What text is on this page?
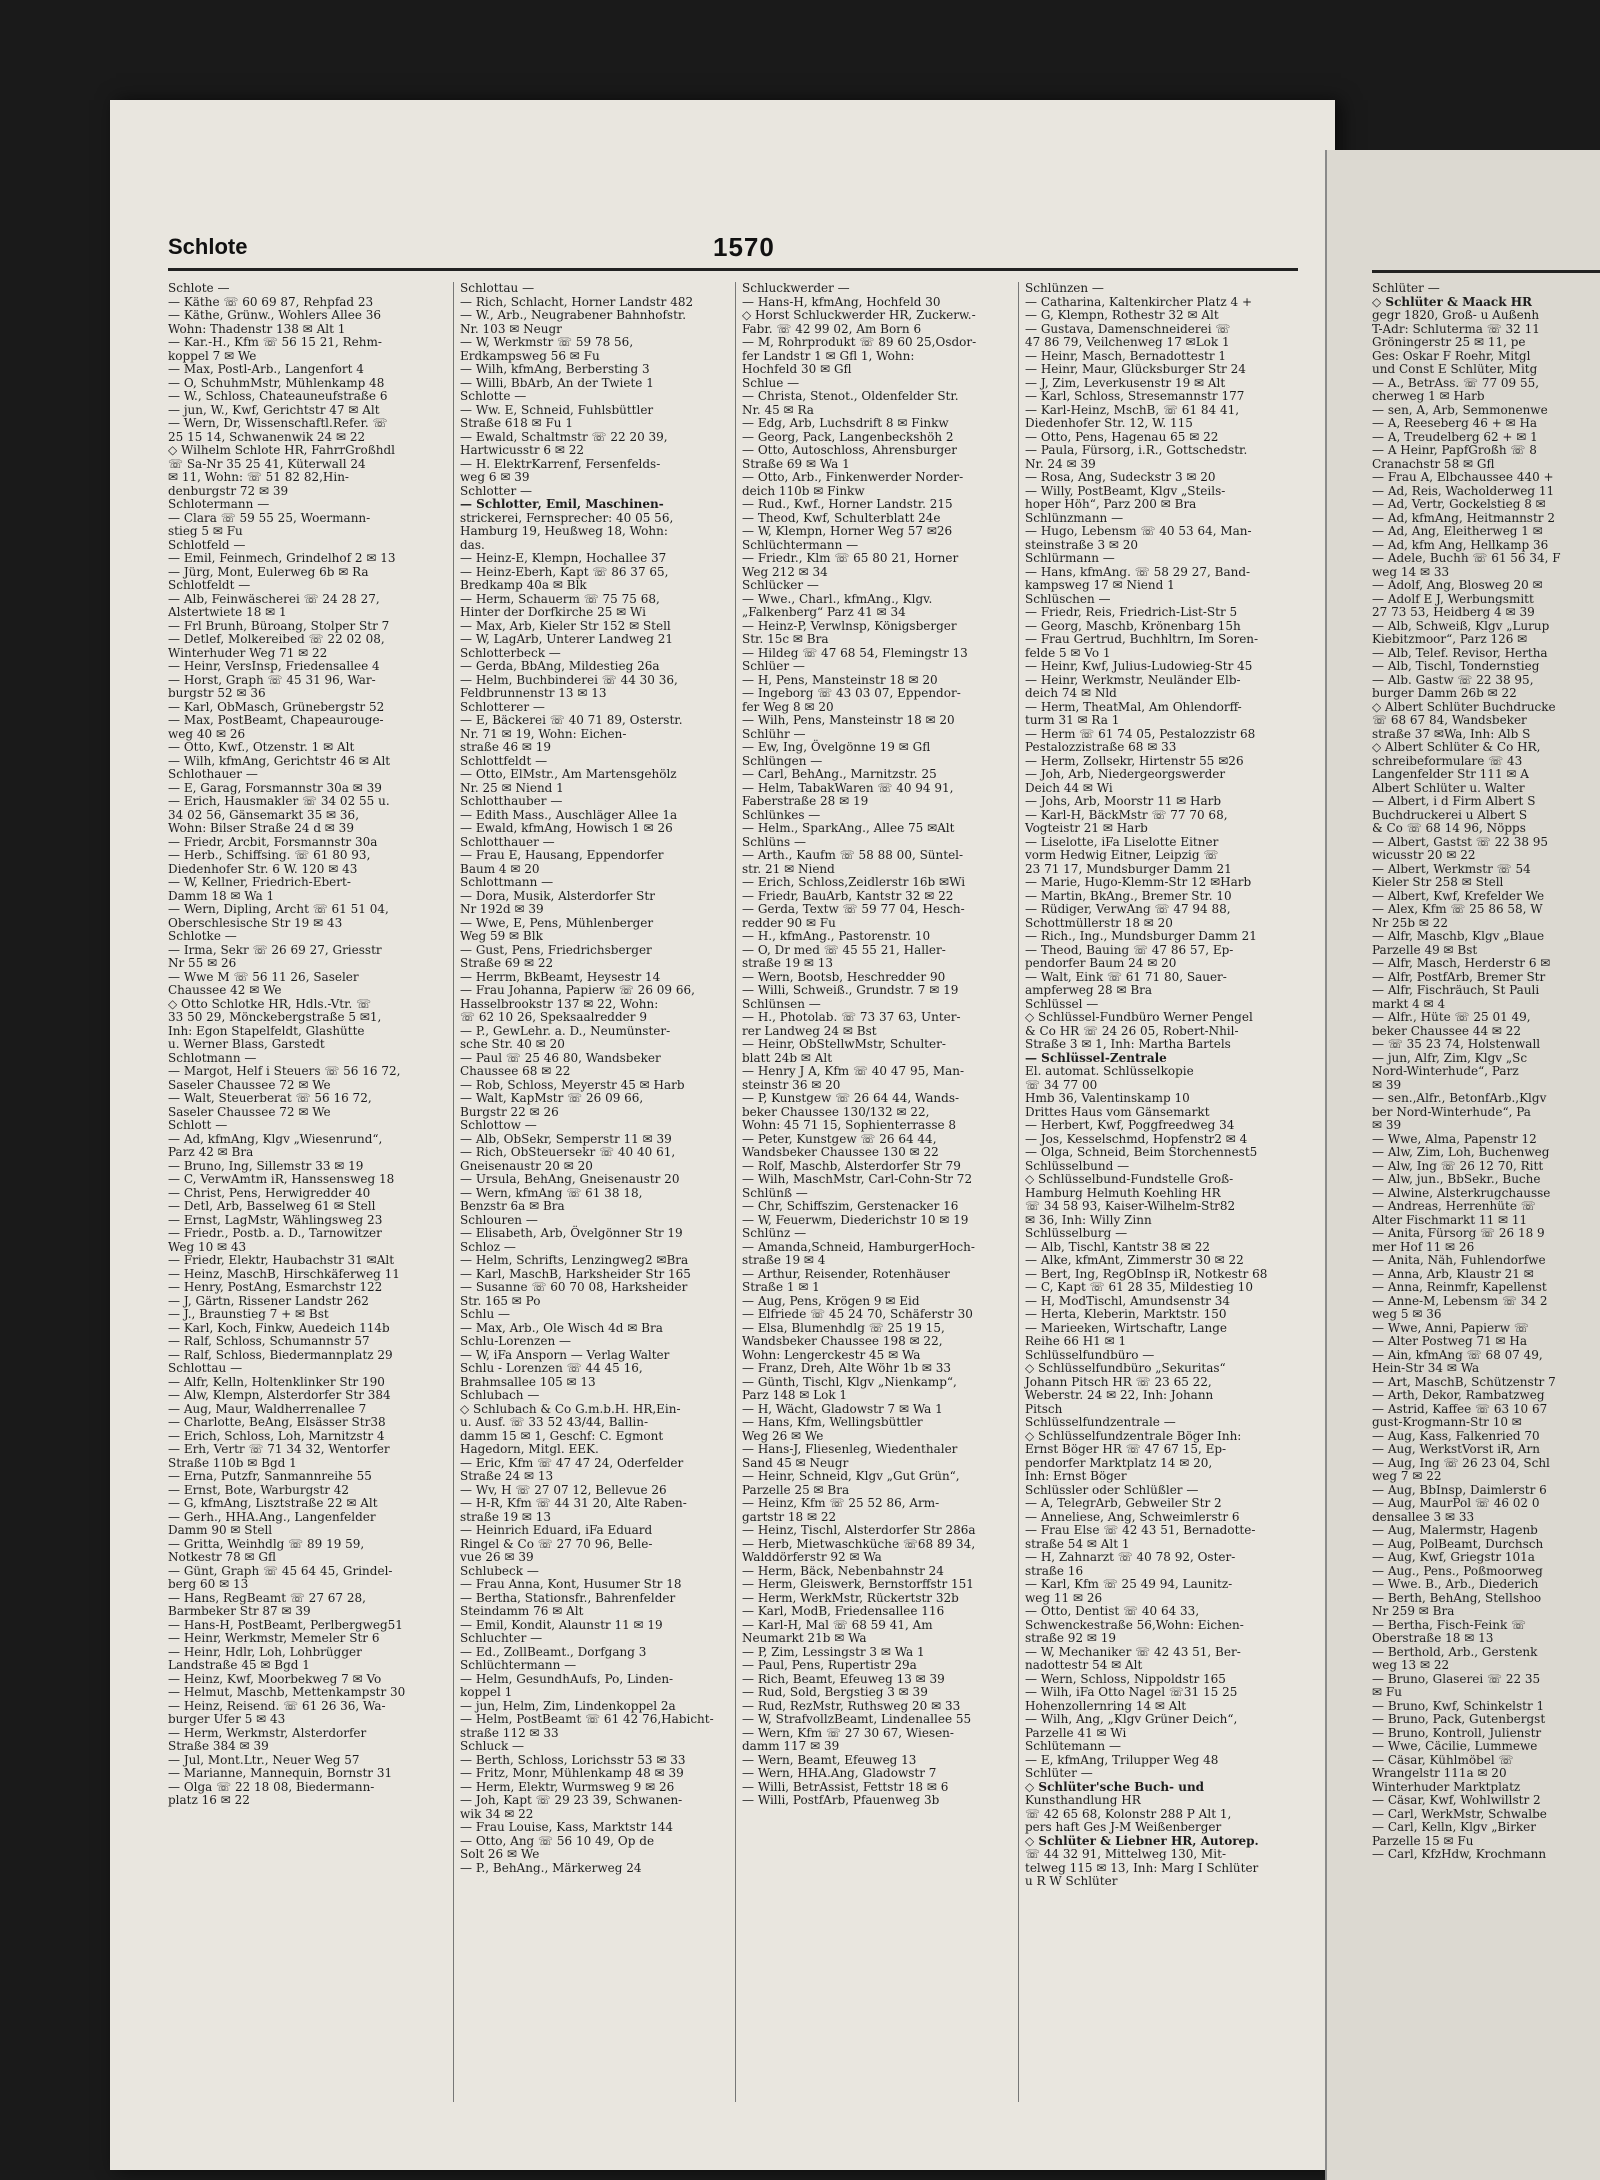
Schlote	1570
Schlote —
— Käthe ☏ 60 69 87, Rehpfad 23
— Käthe, Grünw., Wohlers Allee 36
Wohn: Thadenstr 138 ✉ Alt 1
— Kar.-H., Kfm ☏ 56 15 21, Rehm-
koppel 7 ✉ We
— Max, Postl-Arb., Langenfort 4
— O, SchuhmMstr, Mühlenkamp 48
— W., Schloss, Chateauneufstraße 6
— jun, W., Kwf, Gerichtstr 47 ✉ Alt
— Wern, Dr, Wissenschaftl.Refer. ☏
25 15 14, Schwanenwik 24 ✉ 22
◇ Wilhelm Schlote HR, FahrrGroßhdl
☏ Sa-Nr 35 25 41, Küterwall 24
✉ 11, Wohn: ☏ 51 82 82,Hin-
denburgstr 72 ✉ 39
Schlotermann —
— Clara ☏ 59 55 25, Woermann-
stieg 5 ✉ Fu
Schlotfeld —
— Emil, Feinmech, Grindelhof 2 ✉ 13
— Jürg, Mont, Eulerweg 6b ✉ Ra
Schlotfeldt —
— Alb, Feinwäscherei ☏ 24 28 27,
Alstertwiete 18 ✉ 1
— Frl Brunh, Büroang, Stolper Str 7
— Detlef, Molkereibed ☏ 22 02 08,
Winterhuder Weg 71 ✉ 22
— Heinr, VersInsp, Friedensallee 4
— Horst, Graph ☏ 45 31 96, War-
burgstr 52 ✉ 36
— Karl, ObMasch, Grünebergstr 52
— Max, PostBeamt, Chapeaurouge-
weg 40 ✉ 26
— Otto, Kwf., Otzenstr. 1 ✉ Alt
— Wilh, kfmAng, Gerichtstr 46 ✉ Alt
Schlothauer —
— E, Garag, Forsmannstr 30a ✉ 39
— Erich, Hausmakler ☏ 34 02 55 u.
34 02 56, Gänsemarkt 35 ✉ 36,
Wohn: Bilser Straße 24 d ✉ 39
— Friedr, Arcbit, Forsmannstr 30a
— Herb., Schiffsing. ☏ 61 80 93,
Diedenhofer Str. 6 W. 120 ✉ 43
— W, Kellner, Friedrich-Ebert-
Damm 18 ✉ Wa 1
— Wern, Dipling, Archt ☏ 61 51 04,
Oberschlesische Str 19 ✉ 43
Schlotke —
— Irma, Sekr ☏ 26 69 27, Griesstr
Nr 55 ✉ 26
— Wwe M ☏ 56 11 26, Saseler
Chaussee 42 ✉ We
◇ Otto Schlotke HR, Hdls.-Vtr. ☏
33 50 29, Mönckebergstraße 5 ✉1,
Inh: Egon Stapelfeldt, Glashütte
u. Werner Blass, Garstedt
Schlotmann —
— Margot, Helf i Steuers ☏ 56 16 72,
Saseler Chaussee 72 ✉ We
— Walt, Steuerberat ☏ 56 16 72,
Saseler Chaussee 72 ✉ We
Schlott —
— Ad, kfmAng, Klgv „Wiesenrund“,
Parz 42 ✉ Bra
— Bruno, Ing, Sillemstr 33 ✉ 19
— C, VerwAmtm iR, Hanssensweg 18
— Christ, Pens, Herwigredder 40
— Detl, Arb, Basselweg 61 ✉ Stell
— Ernst, LagMstr, Wählingsweg 23
— Friedr., Postb. a. D., Tarnowitzer
Weg 10 ✉ 43
— Friedr, Elektr, Haubachstr 31 ✉Alt
— Heinz, MaschB, Hirschkäferweg 11
— Henry, PostAng, Esmarchstr 122
— J, Gärtn, Rissener Landstr 262
— J., Braunstieg 7 + ✉ Bst
— Karl, Koch, Finkw, Auedeich 114b
— Ralf, Schloss, Schumannstr 57
— Ralf, Schloss, Biedermannplatz 29
Schlottau —
— Alfr, Kelln, Holtenklinker Str 190
— Alw, Klempn, Alsterdorfer Str 384
— Aug, Maur, Waldherrenallee 7
— Charlotte, BeAng, Elsässer Str38
— Erich, Schloss, Loh, Marnitzstr 4
— Erh, Vertr ☏ 71 34 32, Wentorfer
Straße 110b ✉ Bgd 1
— Erna, Putzfr, Sanmannreihe 55
— Ernst, Bote, Warburgstr 42
— G, kfmAng, Lisztstraße 22 ✉ Alt
— Gerh., HHA.Ang., Langenfelder
Damm 90 ✉ Stell
— Gritta, Weinhdlg ☏ 89 19 59,
Notkestr 78 ✉ Gfl
— Günt, Graph ☏ 45 64 45, Grindel-
berg 60 ✉ 13
— Hans, RegBeamt ☏ 27 67 28,
Barmbeker Str 87 ✉ 39
— Hans-H, PostBeamt, Perlbergweg51
— Heinr, Werkmstr, Memeler Str 6
— Heinr, Hdlr, Loh, Lohbrügger
Landstraße 45 ✉ Bgd 1
— Heinz, Kwf, Moorbekweg 7 ✉ Vo
— Helmut, Maschb, Mettenkampstr 30
— Heinz, Reisend. ☏ 61 26 36, Wa-
burger Ufer 5 ✉ 43
— Herm, Werkmstr, Alsterdorfer
Straße 384 ✉ 39
— Jul, Mont.Ltr., Neuer Weg 57
— Marianne, Mannequin, Bornstr 31
— Olga ☏ 22 18 08, Biedermann-
platz 16 ✉ 22
Schlottau —
— Rich, Schlacht, Horner Landstr 482
— W., Arb., Neugrabener Bahnhofstr.
Nr. 103 ✉ Neugr
— W, Werkmstr ☏ 59 78 56,
Erdkampsweg 56 ✉ Fu
— Wilh, kfmAng, Berbersting 3
— Willi, BbArb, An der Twiete 1
Schlotte —
— Ww. E, Schneid, Fuhlsbüttler
Straße 618 ✉ Fu 1
— Ewald, Schaltmstr ☏ 22 20 39,
Hartwicusstr 6 ✉ 22
— H. ElektrKarrenf, Fersenfelds-
weg 6 ✉ 39
Schlotter —
— Schlotter, Emil, Maschinen-
strickerei, Fernsprecher: 40 05 56,
Hamburg 19, Heußweg 18, Wohn:
das.
— Heinz-E, Klempn, Hochallee 37
— Heinz-Eberh, Kapt ☏ 86 37 65,
Bredkamp 40a ✉ Blk
— Herm, Schauerm ☏ 75 75 68,
Hinter der Dorfkirche 25 ✉ Wi
— Max, Arb, Kieler Str 152 ✉ Stell
— W, LagArb, Unterer Landweg 21
Schlotterbeck —
— Gerda, BbAng, Mildestieg 26a
— Helm, Buchbinderei ☏ 44 30 36,
Feldbrunnenstr 13 ✉ 13
Schlotterer —
— E, Bäckerei ☏ 40 71 89, Osterstr.
Nr. 71 ✉ 19, Wohn: Eichen-
straße 46 ✉ 19
Schlottfeldt —
— Otto, ElMstr., Am Martensgehölz
Nr. 25 ✉ Niend 1
Schlotthauber —
— Edith Mass., Auschläger Allee 1a
— Ewald, kfmAng, Howisch 1 ✉ 26
Schlotthauer —
— Frau E, Hausang, Eppendorfer
Baum 4 ✉ 20
Schlottmann —
— Dora, Musik, Alsterdorfer Str
Nr 192d ✉ 39
— Wwe, E, Pens, Mühlenberger
Weg 59 ✉ Blk
— Gust, Pens, Friedrichsberger
Straße 69 ✉ 22
— Herrm, BkBeamt, Heysestr 14
— Frau Johanna, Papierw ☏ 26 09 66,
Hasselbrookstr 137 ✉ 22, Wohn:
☏ 62 10 26, Speksaalredder 9
— P., GewLehr. a. D., Neumünster-
sche Str. 40 ✉ 20
— Paul ☏ 25 46 80, Wandsbeker
Chaussee 68 ✉ 22
— Rob, Schloss, Meyerstr 45 ✉ Harb
— Walt, KapMstr ☏ 26 09 66,
Burgstr 22 ✉ 26
Schlottow —
— Alb, ObSekr, Semperstr 11 ✉ 39
— Rich, ObSteuersekr ☏ 40 40 61,
Gneisenaustr 20 ✉ 20
— Ursula, BehAng, Gneisenaustr 20
— Wern, kfmAng ☏ 61 38 18,
Benzstr 6a ✉ Bra
Schlouren —
— Elisabeth, Arb, Övelgönner Str 19
Schloz —
— Helm, Schrifts, Lenzingweg2 ✉Bra
— Karl, MaschB, Harksheider Str 165
— Susanne ☏ 60 70 08, Harksheider
Str. 165 ✉ Po
Schlu —
— Max, Arb., Ole Wisch 4d ✉ Bra
Schlu-Lorenzen —
— W, iFa Ansporn — Verlag Walter
Schlu - Lorenzen ☏ 44 45 16,
Brahmsallee 105 ✉ 13
Schlubach —
◇ Schlubach & Co G.m.b.H. HR,Ein-
u. Ausf. ☏ 33 52 43/44, Ballin-
damm 15 ✉ 1, Geschf: C. Egmont
Hagedorn, Mitgl. EEK.
— Eric, Kfm ☏ 47 47 24, Oderfelder
Straße 24 ✉ 13
— Wv, H ☏ 27 07 12, Bellevue 26
— H-R, Kfm ☏ 44 31 20, Alte Raben-
straße 19 ✉ 13
— Heinrich Eduard, iFa Eduard
Ringel & Co ☏ 27 70 96, Belle-
vue 26 ✉ 39
Schlubeck —
— Frau Anna, Kont, Husumer Str 18
— Bertha, Stationsfr., Bahrenfelder
Steindamm 76 ✉ Alt
— Emil, Kondit, Alaunstr 11 ✉ 19
Schluchter —
— Ed., ZollBeamt., Dorfgang 3
Schlüchtermann —
— Helm, GesundhAufs, Po, Linden-
koppel 1
— jun, Helm, Zim, Lindenkoppel 2a
— Helm, PostBeamt ☏ 61 42 76,Habicht-
straße 112 ✉ 33
Schluck —
— Berth, Schloss, Lorichsstr 53 ✉ 33
— Fritz, Monr, Mühlenkamp 48 ✉ 39
— Herm, Elektr, Wurmsweg 9 ✉ 26
— Joh, Kapt ☏ 29 23 39, Schwanen-
wik 34 ✉ 22
— Frau Louise, Kass, Marktstr 144
— Otto, Ang ☏ 56 10 49, Op de
Solt 26 ✉ We
— P., BehAng., Märkerweg 24
Schluckwerder —
— Hans-H, kfmAng, Hochfeld 30
◇ Horst Schluckwerder HR, Zuckerw.-
Fabr. ☏ 42 99 02, Am Born 6
— M, Rohrprodukt ☏ 89 60 25,Osdor-
fer Landstr 1 ✉ Gfl 1, Wohn:
Hochfeld 30 ✉ Gfl
Schlue —
— Christa, Stenot., Oldenfelder Str.
Nr. 45 ✉ Ra
— Edg, Arb, Luchsdrift 8 ✉ Finkw
— Georg, Pack, Langenbeckshöh 2
— Otto, Autoschloss, Ahrensburger
Straße 69 ✉ Wa 1
— Otto, Arb., Finkenwerder Norder-
deich 110b ✉ Finkw
— Rud., Kwf., Horner Landstr. 215
— Theod, Kwf, Schulterblatt 24e
— W, Klempn, Horner Weg 57 ✉26
Schlüchtermann —
— Friedr., Klm ☏ 65 80 21, Horner
Weg 212 ✉ 34
Schlücker —
— Wwe., Charl., kfmAng., Klgv.
„Falkenberg“ Parz 41 ✉ 34
— Heinz-P, Verwlnsp, Königsberger
Str. 15c ✉ Bra
— Hildeg ☏ 47 68 54, Flemingstr 13
Schlüer —
— H, Pens, Mansteinstr 18 ✉ 20
— Ingeborg ☏ 43 03 07, Eppendor-
fer Weg 8 ✉ 20
— Wilh, Pens, Mansteinstr 18 ✉ 20
Schlühr —
— Ew, Ing, Övelgönne 19 ✉ Gfl
Schlüngen —
— Carl, BehAng., Marnitzstr. 25
— Helm, TabakWaren ☏ 40 94 91,
Faberstraße 28 ✉ 19
Schlünkes —
— Helm., SparkAng., Allee 75 ✉Alt
Schlüns —
— Arth., Kaufm ☏ 58 88 00, Süntel-
str. 21 ✉ Niend
— Erich, Schloss,Zeidlerstr 16b ✉Wi
— Friedr, BauArb, Kantstr 32 ✉ 22
— Gerda, Textw ☏ 59 77 04, Hesch-
redder 90 ✉ Fu
— H., kfmAng., Pastorenstr. 10
— O, Dr med ☏ 45 55 21, Haller-
straße 19 ✉ 13
— Wern, Bootsb, Heschredder 90
— Willi, Schweiß., Grundstr. 7 ✉ 19
Schlünsen —
— H., Photolab. ☏ 73 37 63, Unter-
rer Landweg 24 ✉ Bst
— Heinr, ObStellwMstr, Schulter-
blatt 24b ✉ Alt
— Henry J A, Kfm ☏ 40 47 95, Man-
steinstr 36 ✉ 20
— P, Kunstgew ☏ 26 64 44, Wands-
beker Chaussee 130/132 ✉ 22,
Wohn: 45 71 15, Sophienterrasse 8
— Peter, Kunstgew ☏ 26 64 44,
Wandsbeker Chaussee 130 ✉ 22
— Rolf, Maschb, Alsterdorfer Str 79
— Wilh, MaschMstr, Carl-Cohn-Str 72
Schlünß —
— Chr, Schiffszim, Gerstenacker 16
— W, Feuerwm, Diederichstr 10 ✉ 19
Schlünz —
— Amanda,Schneid, HamburgerHoch-
straße 19 ✉ 4
— Arthur, Reisender, Rotenhäuser
Straße 1 ✉ 1
— Aug, Pens, Krögen 9 ✉ Eid
— Elfriede ☏ 45 24 70, Schäferstr 30
— Elsa, Blumenhdlg ☏ 25 19 15,
Wandsbeker Chaussee 198 ✉ 22,
Wohn: Lengerckestr 45 ✉ Wa
— Franz, Dreh, Alte Wöhr 1b ✉ 33
— Günth, Tischl, Klgv „Nienkamp“,
Parz 148 ✉ Lok 1
— H, Wächt, Gladowstr 7 ✉ Wa 1
— Hans, Kfm, Wellingsbüttler
Weg 26 ✉ We
— Hans-J, Fliesenleg, Wiedenthaler
Sand 45 ✉ Neugr
— Heinr, Schneid, Klgv „Gut Grün“,
Parzelle 25 ✉ Bra
— Heinz, Kfm ☏ 25 52 86, Arm-
gartstr 18 ✉ 22
— Heinz, Tischl, Alsterdorfer Str 286a
— Herb, Mietwaschküche ☏68 89 34,
Walddörferstr 92 ✉ Wa
— Herm, Bäck, Nebenbahnstr 24
— Herm, Gleiswerk, Bernstorffstr 151
— Herm, WerkMstr, Rückertstr 32b
— Karl, ModB, Friedensallee 116
— Karl-H, Mal ☏ 68 59 41, Am
Neumarkt 21b ✉ Wa
— P, Zim, Lessingstr 3 ✉ Wa 1
— Paul, Pens, Rupertistr 29a
— Rich, Beamt, Efeuweg 13 ✉ 39
— Rud, Sold, Bergstieg 3 ✉ 39
— Rud, RezMstr, Ruthsweg 20 ✉ 33
— W, StrafvollzBeamt, Lindenallee 55
— Wern, Kfm ☏ 27 30 67, Wiesen-
damm 117 ✉ 39
— Wern, Beamt, Efeuweg 13
— Wern, HHA.Ang, Gladowstr 7
— Willi, BetrAssist, Fettstr 18 ✉ 6
— Willi, PostfArb, Pfauenweg 3b
Schlünzen —
— Catharina, Kaltenkircher Platz 4 +
— G, Klempn, Rothestr 32 ✉ Alt
— Gustava, Damenschneiderei ☏
47 86 79, Veilchenweg 17 ✉Lok 1
— Heinr, Masch, Bernadottestr 1
— Heinr, Maur, Glücksburger Str 24
— J, Zim, Leverkusenstr 19 ✉ Alt
— Karl, Schloss, Stresemannstr 177
— Karl-Heinz, MschB, ☏ 61 84 41,
Diedenhofer Str. 12, W. 115
— Otto, Pens, Hagenau 65 ✉ 22
— Paula, Fürsorg, i.R., Gottschedstr.
Nr. 24 ✉ 39
— Rosa, Ang, Sudeckstr 3 ✉ 20
— Willy, PostBeamt, Klgv „Steils-
hoper Höh“, Parz 200 ✉ Bra
Schlünzmann —
— Hugo, Lebensm ☏ 40 53 64, Man-
steinstraße 3 ✉ 20
Schlürmann —
— Hans, kfmAng. ☏ 58 29 27, Band-
kampsweg 17 ✉ Niend 1
Schlüschen —
— Friedr, Reis, Friedrich-List-Str 5
— Georg, Maschb, Krönenbarg 15h
— Frau Gertrud, Buchhltrn, Im Soren-
felde 5 ✉ Vo 1
— Heinr, Kwf, Julius-Ludowieg-Str 45
— Heinr, Werkmstr, Neuländer Elb-
deich 74 ✉ Nld
— Herm, TheatMal, Am Ohlendorff-
turm 31 ✉ Ra 1
— Herm ☏ 61 74 05, Pestalozzistr 68
Pestalozzistraße 68 ✉ 33
— Herm, Zollsekr, Hirtenstr 55 ✉26
— Joh, Arb, Niedergeorgswerder
Deich 44 ✉ Wi
— Johs, Arb, Moorstr 11 ✉ Harb
— Karl-H, BäckMstr ☏ 77 70 68,
Vogteistr 21 ✉ Harb
— Liselotte, iFa Liselotte Eitner
vorm Hedwig Eitner, Leipzig ☏
23 71 17, Mundsburger Damm 21
— Marie, Hugo-Klemm-Str 12 ✉Harb
— Martin, BkAng., Bremer Str. 10
— Rüdiger, VerwAng ☏ 47 94 88,
Schottmüllerstr 18 ✉ 20
— Rich., Ing., Mundsburger Damm 21
— Theod, Bauing ☏ 47 86 57, Ep-
pendorfer Baum 24 ✉ 20
— Walt, Eink ☏ 61 71 80, Sauer-
ampferweg 28 ✉ Bra
Schlüssel —
◇ Schlüssel-Fundbüro Werner Pengel
& Co HR ☏ 24 26 05, Robert-Nhil-
Straße 3 ✉ 1, Inh: Martha Bartels
— Schlüssel-Zentrale
El. automat. Schlüsselkopie
☏ 34 77 00
Hmb 36, Valentinskamp 10
Drittes Haus vom Gänsemarkt
— Herbert, Kwf, Poggfreedweg 34
— Jos, Kesselschmd, Hopfenstr2 ✉ 4
— Olga, Schneid, Beim Storchennest5
Schlüsselbund —
◇ Schlüsselbund-Fundstelle Groß-
Hamburg Helmuth Koehling HR
☏ 34 58 93, Kaiser-Wilhelm-Str82
✉ 36, Inh: Willy Zinn
Schlüsselburg —
— Alb, Tischl, Kantstr 38 ✉ 22
— Alke, kfmAnt, Zimmerstr 30 ✉ 22
— Bert, Ing, RegObInsp iR, Notkestr 68
— C, Kapt ☏ 61 28 35, Mildestieg 10
— H, ModTischl, Amundsenstr 34
— Herta, Kleberin, Marktstr. 150
— Marieeken, Wirtschaftr, Lange
Reihe 66 H1 ✉ 1
Schlüsselfundbüro —
◇ Schlüsselfundbüro „Sekuritas“
Johann Pitsch HR ☏ 23 65 22,
Weberstr. 24 ✉ 22, Inh: Johann
Pitsch
Schlüsselfundzentrale —
◇ Schlüsselfundzentrale Böger Inh:
Ernst Böger HR ☏ 47 67 15, Ep-
pendorfer Marktplatz 14 ✉ 20,
Inh: Ernst Böger
Schlüssler oder Schlüßler —
— A, TelegrArb, Gebweiler Str 2
— Anneliese, Ang, Schweimlerstr 6
— Frau Else ☏ 42 43 51, Bernadotte-
straße 54 ✉ Alt 1
— H, Zahnarzt ☏ 40 78 92, Oster-
straße 16
— Karl, Kfm ☏ 25 49 94, Launitz-
weg 11 ✉ 26
— Otto, Dentist ☏ 40 64 33,
Schwenckestraße 56,Wohn: Eichen-
straße 92 ✉ 19
— W, Mechaniker ☏ 42 43 51, Ber-
nadottestr 54 ✉ Alt
— Wern, Schloss, Nippoldstr 165
— Wilh, iFa Otto Nagel ☏31 15 25
Hohenzollernring 14 ✉ Alt
— Wilh, Ang, „Klgv Grüner Deich“,
Parzelle 41 ✉ Wi
Schlütemann —
— E, kfmAng, Trilupper Weg 48
Schlüter —
◇ Schlüter'sche Buch- und
Kunsthandlung HR
☏ 42 65 68, Kolonstr 288 P Alt 1,
pers haft Ges J-M Weißenberger
◇ Schlüter & Liebner HR, Autorep.
☏ 44 32 91, Mittelweg 130, Mit-
telweg 115 ✉ 13, Inh: Marg I Schlüter
u R W Schlüter
Schlüter —
◇ Schlüter & Maack HR
gegr 1820, Groß- u Außenh
T-Adr: Schluterma ☏ 32 11
Gröningerstr 25 ✉ 11, pe
Ges: Oskar F Roehr, Mitgl
und Const E Schlüter, Mitg
— A., BetrAss. ☏ 77 09 55,
cherweg 1 ✉ Harb
— sen, A, Arb, Semmonenwe
— A, Reeseberg 46 + ✉ Ha
— A, Treudelberg 62 + ✉ 1
— A Heinr, PapfGroßh ☏ 8
Cranachstr 58 ✉ Gfl
— Frau A, Elbchaussee 440 +
— Ad, Reis, Wacholderweg 11
— Ad, Vertr, Gockelstieg 8 ✉
— Ad, kfmAng, Heitmannstr 2
— Ad, Ang, Eleitherweg 1 ✉
— Ad, kfm Ang, Hellkamp 36
— Adele, Buchh ☏ 61 56 34, F
weg 14 ✉ 33
— Adolf, Ang, Blosweg 20 ✉
— Adolf E J, Werbungsmitt
27 73 53, Heidberg 4 ✉ 39
— Alb, Schweiß, Klgv „Lurup
Kiebitzmoor“, Parz 126 ✉
— Alb, Telef. Revisor, Hertha
— Alb, Tischl, Tondernstieg
— Alb. Gastw ☏ 22 38 95,
burger Damm 26b ✉ 22
◇ Albert Schlüter Buchdrucke
☏ 68 67 84, Wandsbeker
straße 37 ✉Wa, Inh: Alb S
◇ Albert Schlüter & Co HR,
schreibeformulare ☏ 43
Langenfelder Str 111 ✉ A
Albert Schlüter u. Walter
— Albert, i d Firm Albert S
Buchdruckerei u Albert S
& Co ☏ 68 14 96, Nöpps
— Albert, Gastst ☏ 22 38 95
wicusstr 20 ✉ 22
— Albert, Werkmstr ☏ 54
Kieler Str 258 ✉ Stell
— Albert, Kwf, Krefelder We
— Alex, Kfm ☏ 25 86 58, W
Nr 25b ✉ 22
— Alfr, Maschb, Klgv „Blaue
Parzelle 49 ✉ Bst
— Alfr, Masch, Herderstr 6 ✉
— Alfr, PostfArb, Bremer Str
— Alfr, Fischräuch, St Pauli
markt 4 ✉ 4
— Alfr., Hüte ☏ 25 01 49,
beker Chaussee 44 ✉ 22
— ☏ 35 23 74, Holstenwall
— jun, Alfr, Zim, Klgv „Sc
Nord-Winterhude“, Parz
✉ 39
— sen.,Alfr., BetonfArb.,Klgv
ber Nord-Winterhude“, Pa
✉ 39
— Wwe, Alma, Papenstr 12
— Alw, Zim, Loh, Buchenweg
— Alw, Ing ☏ 26 12 70, Ritt
— Alw, jun., BbSekr., Buche
— Alwine, Alsterkrugchausse
— Andreas, Herrenhüte ☏
Alter Fischmarkt 11 ✉ 11
— Anita, Fürsorg ☏ 26 18 9
mer Hof 11 ✉ 26
— Anita, Näh, Fuhlendorfwe
— Anna, Arb, Klaustr 21 ✉
— Anna, Reinmfr, Kapellenst
— Anne-M, Lebensm ☏ 34 2
weg 5 ✉ 36
— Wwe, Anni, Papierw ☏
— Alter Postweg 71 ✉ Ha
— Ain, kfmAng ☏ 68 07 49,
Hein-Str 34 ✉ Wa
— Art, MaschB, Schützenstr 7
— Arth, Dekor, Rambatzweg
— Astrid, Kaffee ☏ 63 10 67
gust-Krogmann-Str 10 ✉
— Aug, Kass, Falkenried 70
— Aug, WerkstVorst iR, Arn
— Aug, Ing ☏ 26 23 04, Schl
weg 7 ✉ 22
— Aug, BbInsp, Daimlerstr 6
— Aug, MaurPol ☏ 46 02 0
densallee 3 ✉ 33
— Aug, Malermstr, Hagenb
— Aug, PolBeamt, Durchsch
— Aug, Kwf, Griegstr 101a
— Aug., Pens., Poßmoorweg
— Wwe. B., Arb., Diederich
— Berth, BehAng, Stellshoo
Nr 259 ✉ Bra
— Bertha, Fisch-Feink ☏
Oberstraße 18 ✉ 13
— Berthold, Arb., Gerstenk
weg 13 ✉ 22
— Bruno, Glaserei ☏ 22 35
✉ Fu
— Bruno, Kwf, Schinkelstr 1
— Bruno, Pack, Gutenbergst
— Bruno, Kontroll, Julienstr
— Wwe, Cäcilie, Lummewe
— Cäsar, Kühlmöbel ☏
Wrangelstr 111a ✉ 20
Winterhuder Marktplatz
— Cäsar, Kwf, Wohlwillstr 2
— Carl, WerkMstr, Schwalbe
— Carl, Kelln, Klgv „Birker
Parzelle 15 ✉ Fu
— Carl, KfzHdw, Krochmann
